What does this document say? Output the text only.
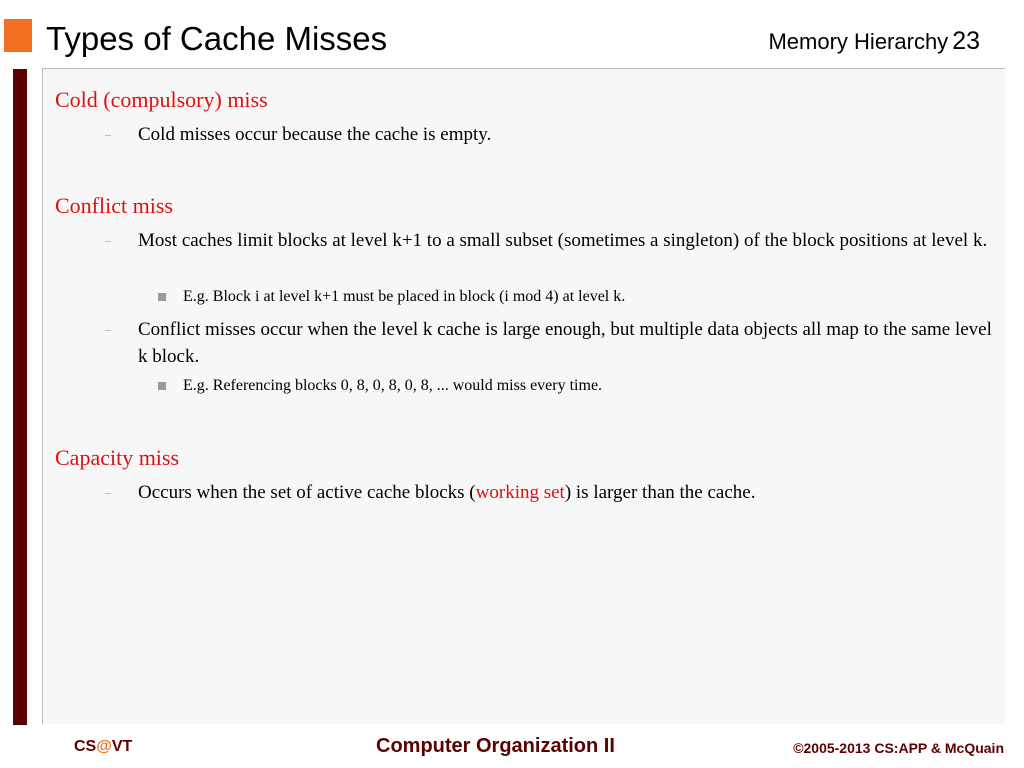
Types of Cache Misses	Memory Hierarchy 23
Cold (compulsory) miss
– Cold misses occur because the cache is empty.
Conflict miss
– Most caches limit blocks at level k+1 to a small subset (sometimes a singleton) of the block positions at level k.
E.g. Block i at level k+1 must be placed in block (i mod 4) at level k.
– Conflict misses occur when the level k cache is large enough, but multiple data objects all map to the same level k block.
E.g. Referencing blocks 0, 8, 0, 8, 0, 8, ... would miss every time.
Capacity miss
– Occurs when the set of active cache blocks (working set) is larger than the cache.
CS@VT	Computer Organization II	©2005-2013 CS:APP & McQuain
